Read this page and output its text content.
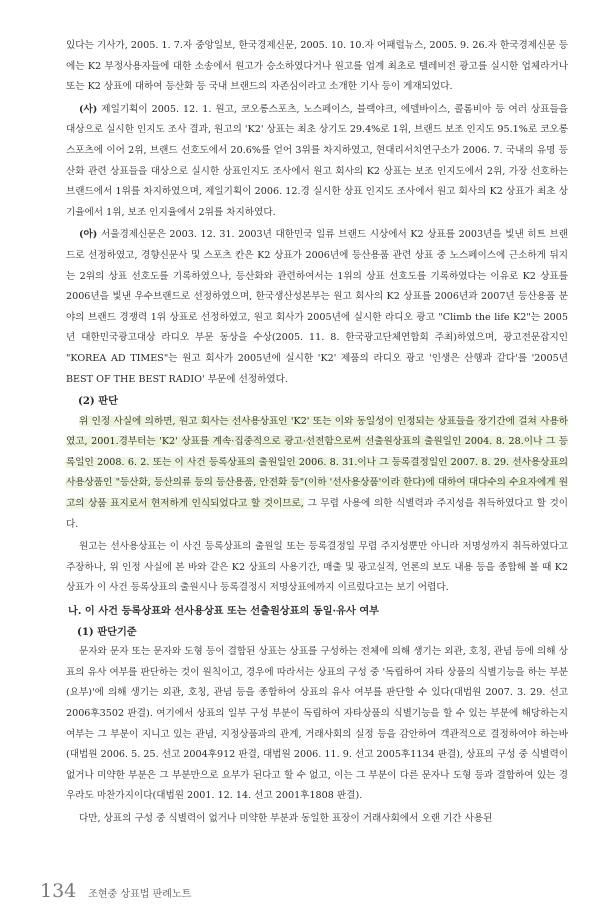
있다는 기사가, 2005. 1. 7.자 중앙일보, 한국경제신문, 2005. 10. 10.자 어패럴뉴스, 2005. 9. 26.자 한국경제신문 등에는 K2 부정사용자들에 대한 소송에서 원고가 승소하였다거나 원고를 업계 최초로 텔레비전 광고를 실시한 업체라거나 또는 K2 상표에 대하여 등산화 등 국내 브랜드의 자존심이라고 소개한 기사 등이 게재되었다.

(사) 제일기획이 2005. 12. 1. 원고, 코오롱스포츠, 노스페이스, 블랙야크, 에델바이스, 콜롬비아 등 여러 상표들을 대상으로 실시한 인지도 조사 결과, 원고의 'K2' 상표는 최초 상기도 29.4%로 1위, 브랜드 보조 인지도 95.1%로 코오롱스포츠에 이어 2위, 브랜드 선호도에서 20.6%를 얻어 3위를 차지하였고, 현대리서치연구소가 2006. 7. 국내의 유명 등산화 관련 상표들을 대상으로 실시한 상표인지도 조사에서 원고 회사의 K2 상표는 보조 인지도에서 2위, 가장 선호하는 브랜드에서 1위를 차지하였으며, 제일기획이 2006. 12.경 실시한 상표 인지도 조사에서 원고 회사의 K2 상표가 최초 상기율에서 1위, 보조 인지율에서 2위를 차지하였다.

(아) 서울경제신문은 2003. 12. 31. 2003년 대한민국 일류 브랜드 시상에서 K2 상표를 2003년을 빛낸 히트 브랜드로 선정하였고, 경향신문사 및 스포츠 칸은 K2 상표가 2006년에 등산용품 관련 상표 중 노스페이스에 근소하게 뒤지는 2위의 상표 선호도를 기록하였으나, 등산화와 관련하여서는 1위의 상표 선호도를 기록하였다는 이유로 K2 상표를 2006년을 빛낸 우수브랜드로 선정하였으며, 한국생산성본부는 원고 회사의 K2 상표를 2006년과 2007년 등산용품 분야의 브랜드 경쟁력 1위 상표로 선정하였고, 원고 회사가 2005년에 실시한 라디오 광고 "Climb the life K2"는 2005년 대한민국광고대상 라디오 부문 동상을 수상(2005. 11. 8. 한국광고단체연합회 주최)하였으며, 광고전문잡지인 "KOREA AD TIMES"는 원고 회사가 2005년에 실시한 'K2' 제품의 라디오 광고 '인생은 산행과 같다'를 '2005년 BEST OF THE BEST RADIO' 부문에 선정하였다.

(2) 판단

위 인정 사실에 의하면, 원고 회사는 선사용상표인 'K2' 또는 이와 동일성이 인정되는 상표들을 장기간에 걸쳐 사용하였고, 2001.경부터는 'K2' 상표를 계속·집중적으로 광고·선전함으로써 선출원상표의 출원일인 2004. 8. 28.이나 그 등록일인 2008. 6. 2. 또는 이 사건 등록상표의 출원일인 2006. 8. 31.이나 그 등록결정일인 2007. 8. 29. 선사용상표의 사용상품인 "등산화, 등산의류 등의 등산용품, 안전화 등"(이하 '선사용상품'이라 한다)에 대하여 대다수의 수요자에게 원고의 상품 표지로서 현저하게 인식되었다고 할 것이므로, 그 무렵 사용에 의한 식별력과 주지성을 취득하였다고 할 것이다.

원고는 선사용상표는 이 사건 등록상표의 출원일 또는 등록결정일 무렵 주지성뿐만 아니라 저명성까지 취득하였다고 주장하나, 위 인정 사실에 본 바와 같은 K2 상표의 사용기간, 매출 및 광고실적, 언론의 보도 내용 등을 종합해 볼 때 K2 상표가 이 사건 등록상표의 출원시나 등록결정시 저명상표에까지 이르렀다고는 보기 어렵다.

나. 이 사건 등록상표와 선사용상표 또는 선출원상표의 동일·유사 여부
(1) 판단기준

문자와 문자 또는 문자와 도형 등이 결합된 상표는 상표를 구성하는 전체에 의해 생기는 외관, 호칭, 관념 등에 의해 상표의 유사 여부를 판단하는 것이 원칙이고, 경우에 따라서는 상표의 구성 중 '독립하여 자타 상품의 식별기능을 하는 부분(요부)'에 의해 생기는 외관, 호칭, 관념 등을 종합하여 상표의 유사 여부를 판단할 수 있다(대법원 2007. 3. 29. 선고 2006후3502 판결). 여기에서 상표의 일부 구성 부분이 독립하여 자타상품의 식별기능을 할 수 있는 부분에 해당하는지 여부는 그 부분이 지니고 있는 관념, 지정상품과의 관계, 거래사회의 실정 등을 감안하여 객관적으로 결정하여야 하는바(대법원 2006. 5. 25. 선고 2004후912 판결, 대법원 2006. 11. 9. 선고 2005후1134 판결), 상표의 구성 중 식별력이 없거나 미약한 부분은 그 부분만으로 요부가 된다고 할 수 없고, 이는 그 부분이 다른 문자나 도형 등과 결합하여 있는 경우라도 마찬가지이다(대법원 2001. 12. 14. 선고 2001후1808 판결).

다만, 상표의 구성 중 식별력이 없거나 미약한 부분과 동일한 표장이 거래사회에서 오랜 기간 사용된

134 조현중 상표법 판례노트
